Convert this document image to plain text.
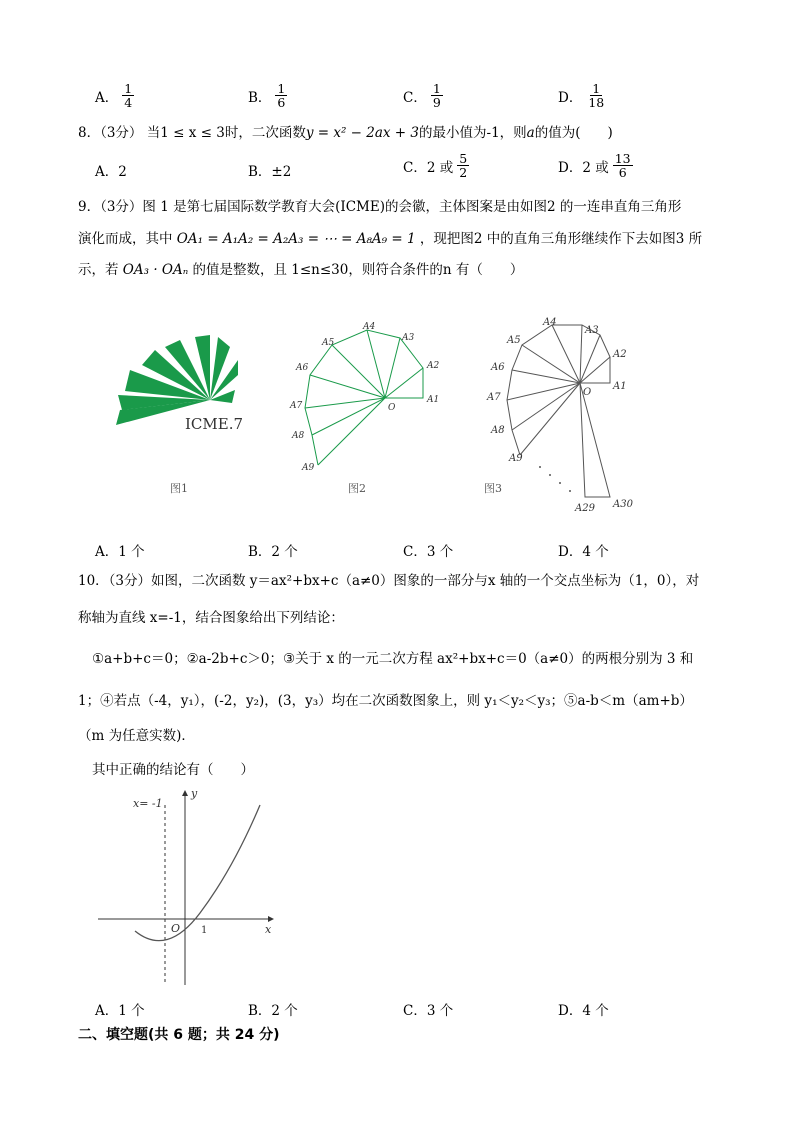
A． $\frac{1}{4}$	B． $\frac{1}{6}$	C． $\frac{1}{9}$	D． $\frac{1}{18}$
8．（3分） 当1 ≤ x ≤ 3时，二次函数y = x² − 2ax + 3的最小值为-1，则a的值为(　　)
A．2	B．±2	C．2 或 $\frac{5}{2}$	D．2 或 $\frac{13}{6}$
9．（3分）图 1 是第七届国际数学教育大会(ICME)的会徽，主体图案是由如图2 的一连串直角三角形
演化而成，其中 OA₁ = A₁A₂ = A₂A₃ = ⋯ = A₈A₉ = 1 ，现把图2 中的直角三角形继续作下去如图3 所
示，若 OA₃ · OAₙ 的值是整数，且 1≤n≤30，则符合条件的n 有（　　）
ICME.7
图1
O
A1
A2
A3
A4
A5
A6
A7
A8
A9
图2
O
A1
A2
A3
A4
A5
A6
A7
A8
A9
A29 A30
图3
A．1 个	B．2 个	C．3 个	D．4 个
10．（3分）如图，二次函数 y＝ax²+bx+c（a≠0）图象的一部分与x 轴的一个交点坐标为（1，0），对
称轴为直线 x=-1，结合图象给出下列结论：
①a+b+c＝0；②a-2b+c＞0；③关于 x 的一元二次方程 ax²+bx+c＝0（a≠0）的两根分别为 3 和
1；④若点（-4，y₁），(-2，y₂)，(3，y₃）均在二次函数图象上，则 y₁＜y₂＜y₃；⑤a-b＜m（am+b）
（m 为任意实数)．
其中正确的结论有（　　）
x= -1
y
x
O 1
A．1 个	B．2 个	C．3 个	D．4 个
二、填空题(共 6 题；共 24 分)
